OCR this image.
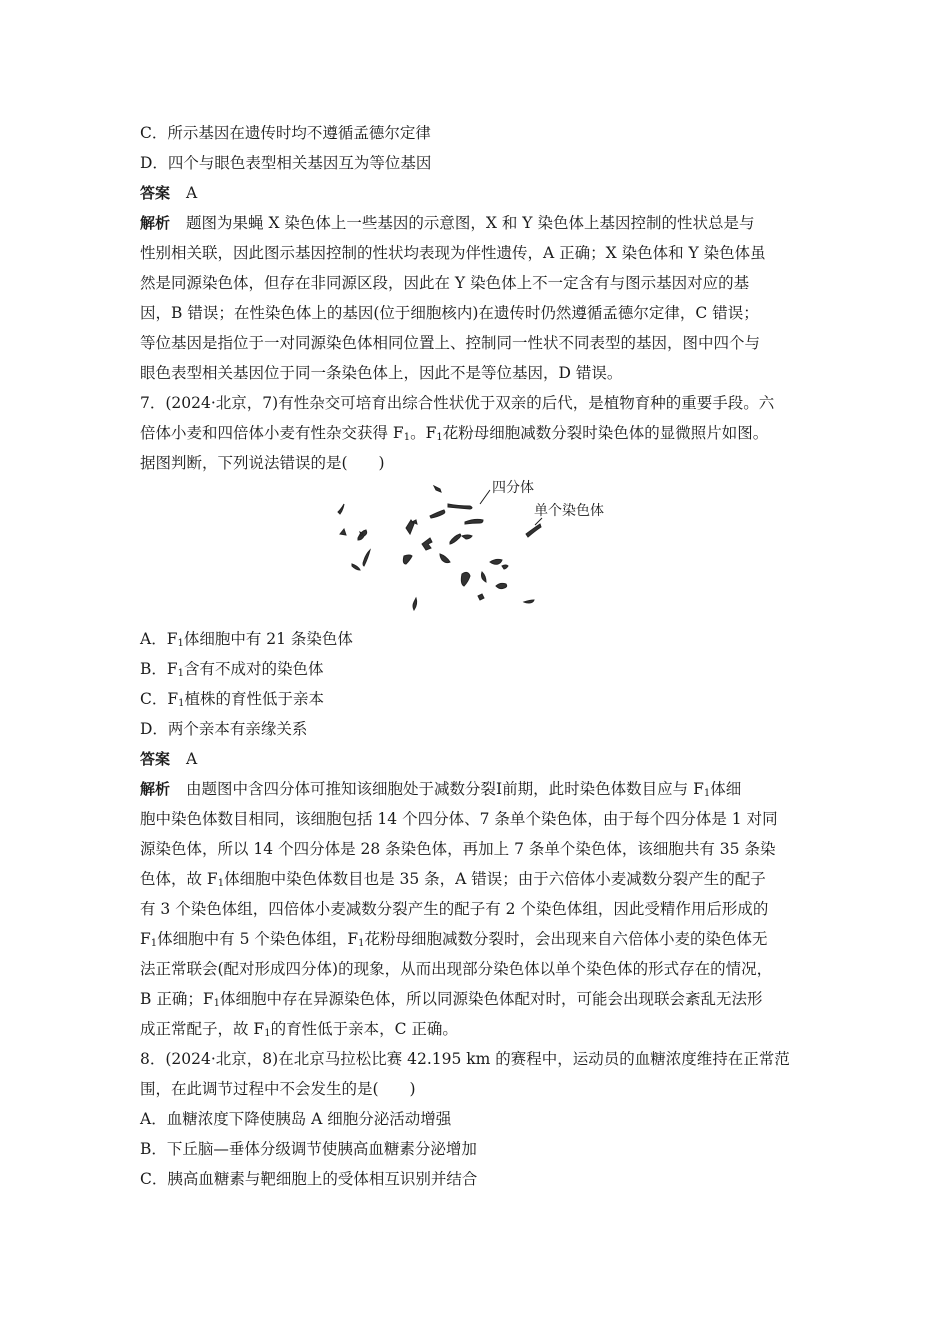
C．所示基因在遗传时均不遵循孟德尔定律
D．四个与眼色表型相关基因互为等位基因
答案 A
解析 题图为果蝇 X 染色体上一些基因的示意图，X 和 Y 染色体上基因控制的性状总是与
性别相关联，因此图示基因控制的性状均表现为伴性遗传，A 正确；X 染色体和 Y 染色体虽
然是同源染色体，但存在非同源区段，因此在 Y 染色体上不一定含有与图示基因对应的基
因，B 错误；在性染色体上的基因(位于细胞核内)在遗传时仍然遵循孟德尔定律，C 错误；
等位基因是指位于一对同源染色体相同位置上、控制同一性状不同表型的基因，图中四个与
眼色表型相关基因位于同一条染色体上，因此不是等位基因，D 错误。
7．(2024·北京，7)有性杂交可培育出综合性状优于双亲的后代，是植物育种的重要手段。六
倍体小麦和四倍体小麦有性杂交获得 $F_1$。$F_1$花粉母细胞减数分裂时染色体的显微照片如图。
据图判断，下列说法错误的是(　　)
四分体
单个染色体
A．$F_1$体细胞中有 21 条染色体
B．$F_1$含有不成对的染色体
C．$F_1$植株的育性低于亲本
D．两个亲本有亲缘关系
答案 A
解析 由题图中含四分体可推知该细胞处于减数分裂Ⅰ前期，此时染色体数目应与 $F_1$体细
胞中染色体数目相同，该细胞包括 14 个四分体、7 条单个染色体，由于每个四分体是 1 对同
源染色体，所以 14 个四分体是 28 条染色体，再加上 7 条单个染色体，该细胞共有 35 条染
色体，故 $F_1$体细胞中染色体数目也是 35 条，A 错误；由于六倍体小麦减数分裂产生的配子
有 3 个染色体组，四倍体小麦减数分裂产生的配子有 2 个染色体组，因此受精作用后形成的
$F_1$体细胞中有 5 个染色体组，$F_1$花粉母细胞减数分裂时，会出现来自六倍体小麦的染色体无
法正常联会(配对形成四分体)的现象，从而出现部分染色体以单个染色体的形式存在的情况，
B 正确；$F_1$体细胞中存在异源染色体，所以同源染色体配对时，可能会出现联会紊乱无法形
成正常配子，故 $F_1$的育性低于亲本，C 正确。
8．(2024·北京，8)在北京马拉松比赛 42.195 km 的赛程中，运动员的血糖浓度维持在正常范
围，在此调节过程中不会发生的是(　　)
A．血糖浓度下降使胰岛 A 细胞分泌活动增强
B．下丘脑—垂体分级调节使胰高血糖素分泌增加
C．胰高血糖素与靶细胞上的受体相互识别并结合
